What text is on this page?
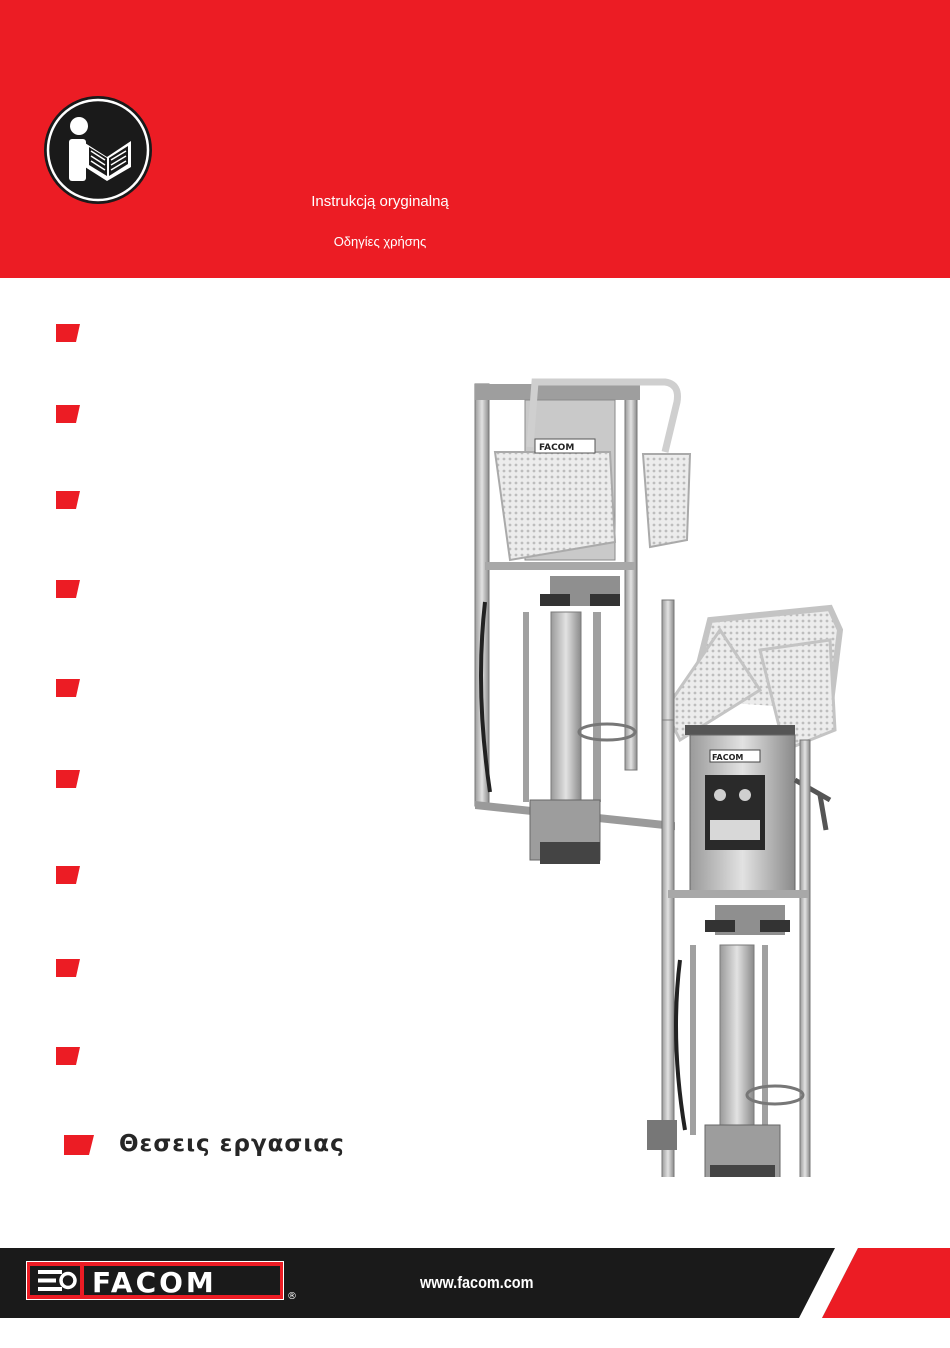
Instrukcją oryginalną
Οδηγίες χρήσης
Θεσεις εργασιας
FACOM
FACOM
FACOM	®
www.facom.com
